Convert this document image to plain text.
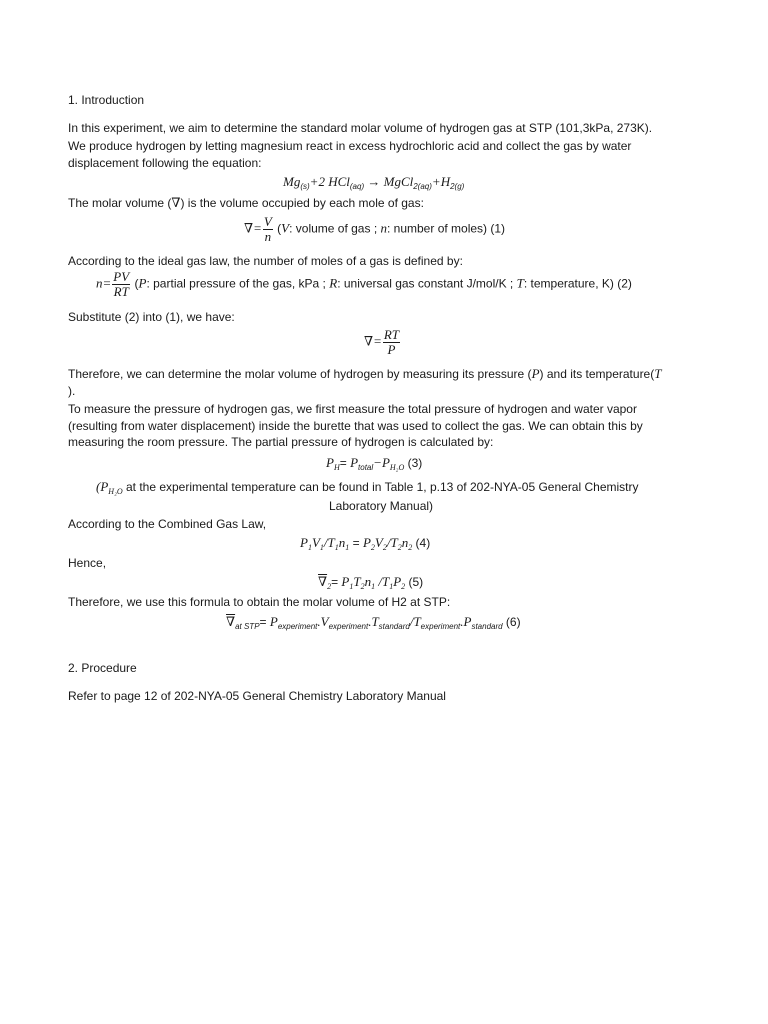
1. Introduction
In this experiment, we aim to determine the standard molar volume of hydrogen gas at STP (101,3kPa, 273K).
We produce hydrogen by letting magnesium react in excess hydrochloric acid and collect the gas by water
displacement following the equation:
$Mg_{(s)}+2$ $HCl_{(aq)} \to MgCl_{2(aq)}+H_{2(g)}$
The molar volume (∇) is the volume occupied by each mole of gas:
∇= $\frac{V}{n} (V$: volume of gas ; n: number of moles) (1)
According to the ideal gas law, the number of moles of a gas is defined by:
$n= \frac{PV}{RT} (P$: partial pressure of the gas, kPa ; R: universal gas constant J/mol/K ; T: temperature, K) (2)
Substitute (2) into (1), we have:
∇= $\frac{RT}{P}$
Therefore, we can determine the molar volume of hydrogen by measuring its pressure (P) and its temperature(T
).
To measure the pressure of hydrogen gas, we first measure the total pressure of hydrogen and water vapor
(resulting from water displacement) inside the burette that was used to collect the gas. We can obtain this by
measuring the room pressure. The partial pressure of hydrogen is calculated by:
$P_H= P_{total}-P_{H_2O}$ (3)
($P_{H_2O}$ at the experimental temperature can be found in Table 1, p.13 of 202-NYA-05 General Chemistry
Laboratory Manual)
According to the Combined Gas Law,
$P_1V_1/T_1n_1 = P_2V_2/T_2n_2$ (4)
Hence,
$\nabla_2= P_1T_2n_1$ $/T_1P_2$ (5)
Therefore, we use this formula to obtain the molar volume of H2 at STP:
$\nabla_{at STP}= P_{experiment}.V_{experiment}.T_{standard}/T_{experiment}.P_{standard}$ (6)
2. Procedure
Refer to page 12 of 202-NYA-05 General Chemistry Laboratory Manual
